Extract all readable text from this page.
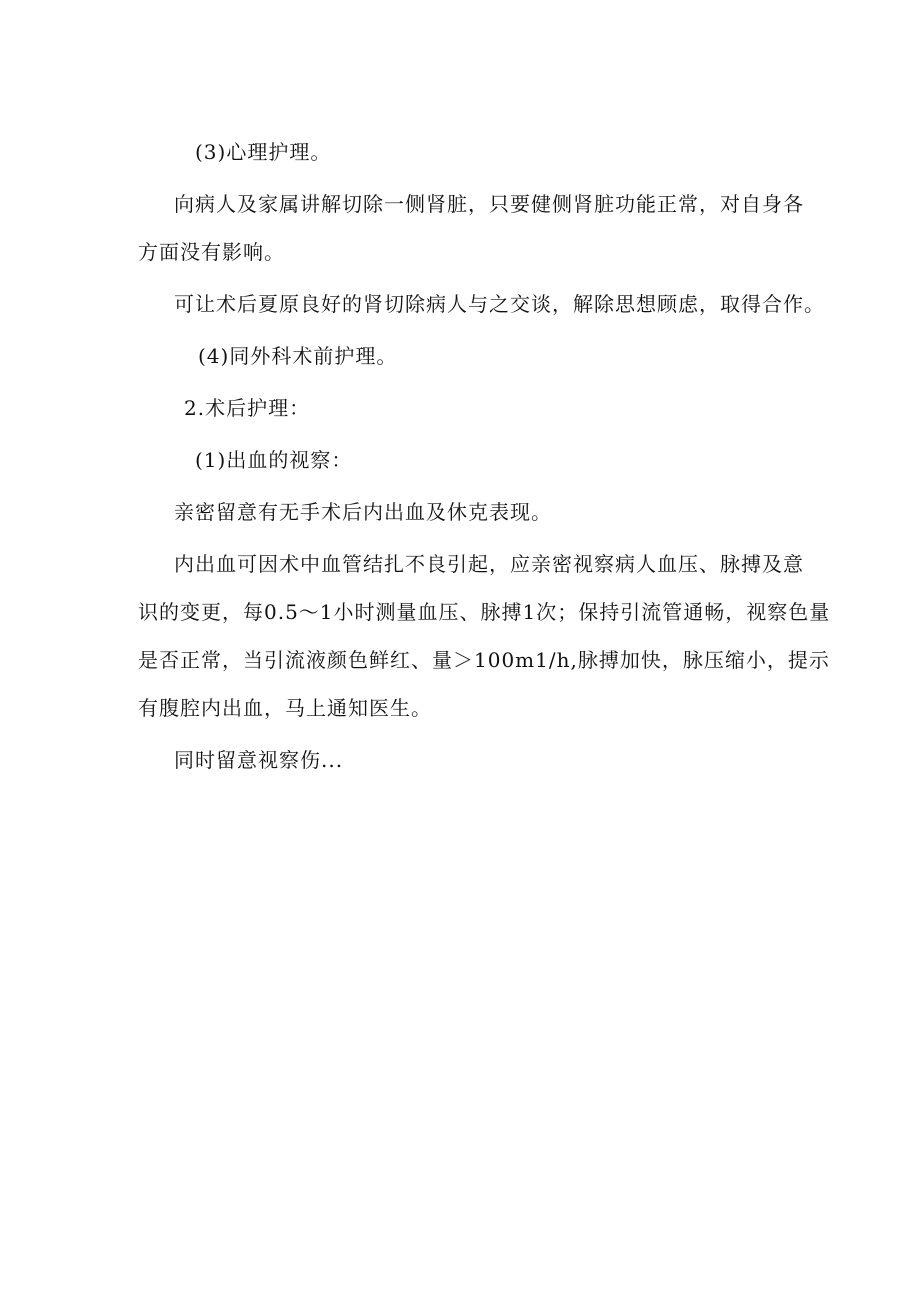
(3)心理护理。

向病人及家属讲解切除一侧肾脏，只要健侧肾脏功能正常，对自身各

方面没有影响。

可让术后夏原良好的肾切除病人与之交谈，解除思想顾虑，取得合作。

(4)同外科术前护理。

2.术后护理：

(1)出血的视察：

亲密留意有无手术后内出血及休克表现。

内出血可因术中血管结扎不良引起，应亲密视察病人血压、脉搏及意

识的变更，每0.5～1小时测量血压、脉搏1次；保持引流管通畅，视察色量

是否正常，当引流液颜色鲜红、量＞100m1∕h,脉搏加快，脉压缩小，提示

有腹腔内出血，马上通知医生。

同时留意视察伤...
